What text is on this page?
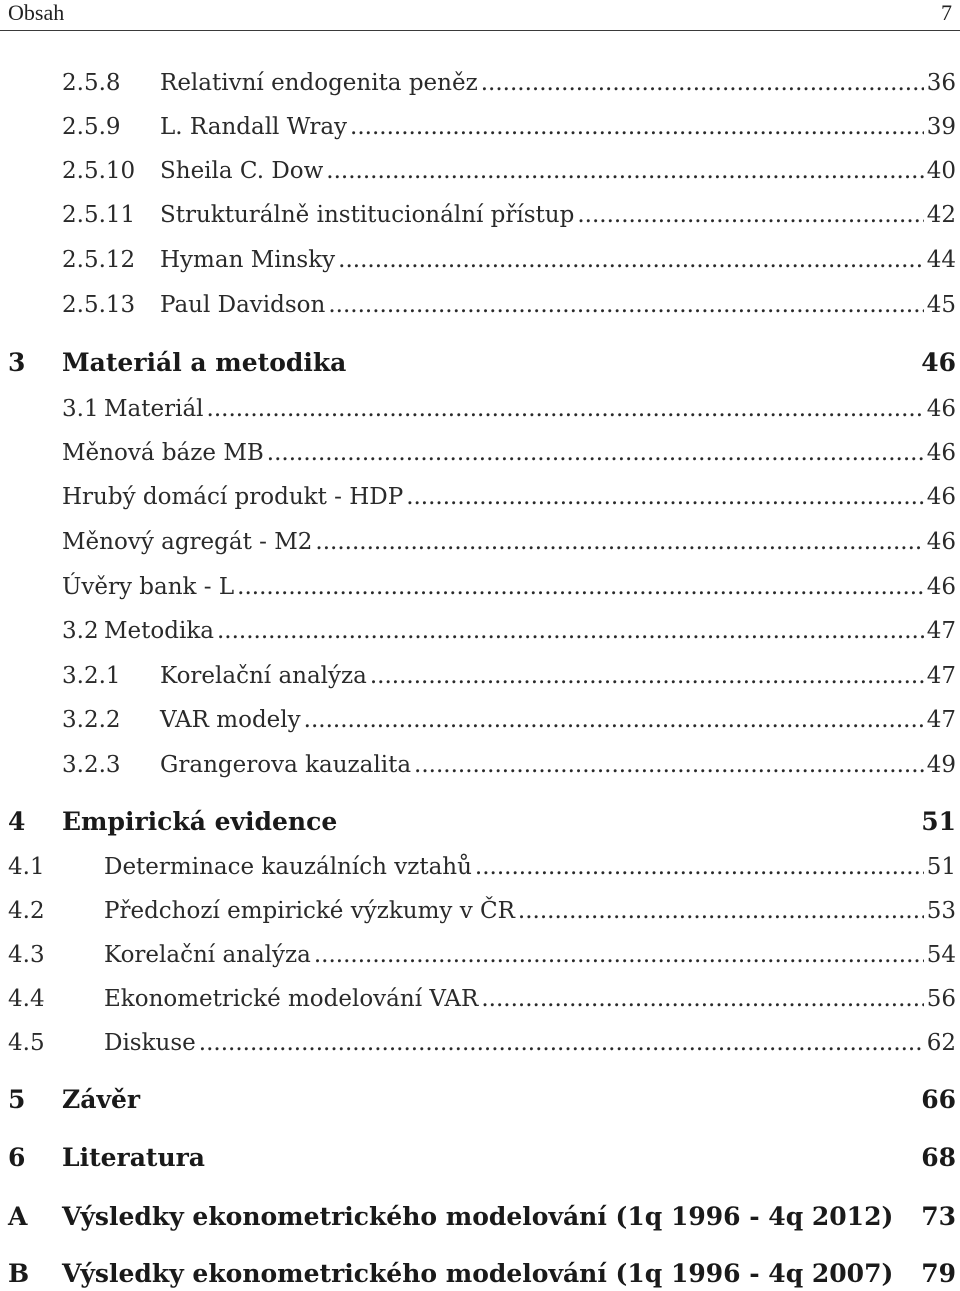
Obsah	7
2.5.8 Relativní endogenita peněz .....	36
2.5.9 L. Randall Wray .....	39
2.5.10 Sheila C. Dow .....	40
2.5.11 Strukturálně institucionální přístup .....	42
2.5.12 Hyman Minsky .....	44
2.5.13 Paul Davidson .....	45
3 Materiál a metodika	46
3.1 Materiál .....	46
Měnová báze MB .....	46
Hrubý domácí produkt - HDP .....	46
Měnový agregát - M2 .....	46
Úvěry bank - L .....	46
3.2 Metodika .....	47
3.2.1 Korelační analýza .....	47
3.2.2 VAR modely .....	47
3.2.3 Grangerova kauzalita .....	49
4 Empirická evidence	51
4.1	Determinace kauzálních vztahů .....	51
4.2	Předchozí empirické výzkumy v ČR .....	53
4.3	Korelační analýza .....	54
4.4	Ekonometrické modelování VAR .....	56
4.5	Diskuse .....	62
5 Závěr	66
6 Literatura	68
A Výsledky ekonometrického modelování (1q 1996 - 4q 2012) 73
B Výsledky ekonometrického modelování (1q 1996 - 4q 2007) 79
